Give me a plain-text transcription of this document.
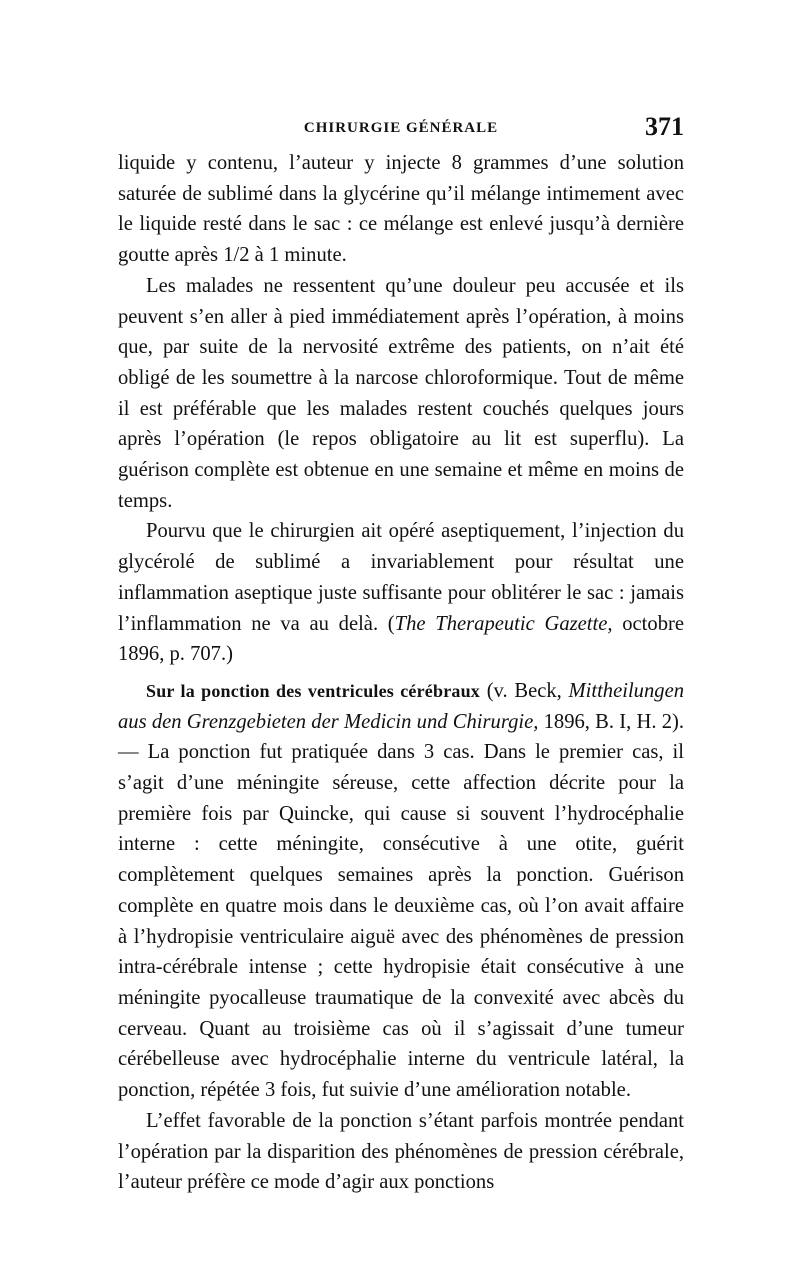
CHIRURGIE GÉNÉRALE	371

liquide y contenu, l’auteur y injecte 8 grammes d’une solution saturée de sublimé dans la glycérine qu’il mélange intimement avec le liquide resté dans le sac : ce mélange est enlevé jusqu’à dernière goutte après 1/2 à 1 minute.

Les malades ne ressentent qu’une douleur peu accusée et ils peuvent s’en aller à pied immédiatement après l’opération, à moins que, par suite de la nervosité extrême des patients, on n’ait été obligé de les soumettre à la narcose chloroformique. Tout de même il est préférable que les malades restent couchés quelques jours après l’opération (le repos obligatoire au lit est superflu). La guérison complète est obtenue en une semaine et même en moins de temps.

Pourvu que le chirurgien ait opéré aseptiquement, l’injection du glycérolé de sublimé a invariablement pour résultat une inflammation aseptique juste suffisante pour oblitérer le sac : jamais l’inflammation ne va au delà. (The Therapeutic Gazette, octobre 1896, p. 707.)

Sur la ponction des ventricules cérébraux (v. Beck, Mittheilungen aus den Grenzgebieten der Medicin und Chirurgie, 1896, B. I, H. 2). — La ponction fut pratiquée dans 3 cas. Dans le premier cas, il s’agit d’une méningite séreuse, cette affection décrite pour la première fois par Quincke, qui cause si souvent l’hydrocéphalie interne : cette méningite, consécutive à une otite, guérit complètement quelques semaines après la ponction. Guérison complète en quatre mois dans le deuxième cas, où l’on avait affaire à l’hydropisie ventriculaire aiguë avec des phénomènes de pression intra-cérébrale intense ; cette hydropisie était consécutive à une méningite pyocalleuse traumatique de la convexité avec abcès du cerveau. Quant au troisième cas où il s’agissait d’une tumeur cérébelleuse avec hydrocéphalie interne du ventricule latéral, la ponction, répétée 3 fois, fut suivie d’une amélioration notable.

L’effet favorable de la ponction s’étant parfois montrée pendant l’opération par la disparition des phénomènes de pression cérébrale, l’auteur préfère ce mode d’agir aux ponctions
